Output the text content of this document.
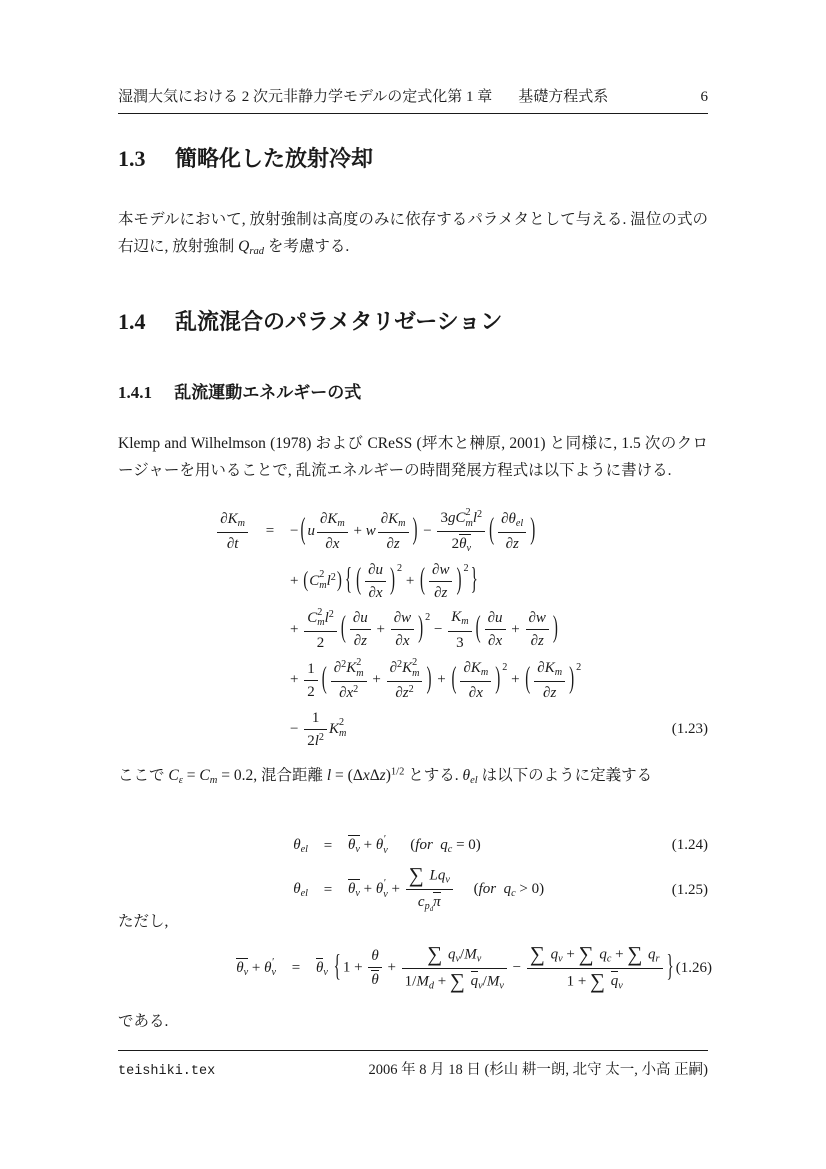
湿潤大気における 2 次元非静力学モデルの定式化 第 1 章 基礎方程式系	6
1.3 簡略化した放射冷却
本モデルにおいて, 放射強制は高度のみに依存するパラメタとして与える. 温位の式の右辺に, 放射強制 $Q_{rad}$ を考慮する.
1.4 乱流混合のパラメタリゼーション
1.4.1 乱流運動エネルギーの式
Klemp and Wilhelmson (1978) および CReSS (坪木と榊原, 2001) と同様に, 1.5 次のクロージャーを用いることで, 乱流エネルギーの時間発展方程式は以下ように書ける.
$\frac{\partial K_m}{\partial t}$	=	− ( u $\frac{\partial K_m}{\partial x} + w \frac{\partial K_m}{\partial z}$ ) − 3gC 2
m $l^2$
$2\theta_v$ ( $\partial\theta_{el}$
∂z )
+ (C 2
m $l^2$) { ( $\frac{\partial u}{\partial x}$ ) $^2$ + ( $\frac{\partial w}{\partial z}$ ) $^2$ }
+ C 2
m $l^2$
2 ( $\frac{\partial u}{\partial z} + \frac{\partial w}{\partial x}$ ) $^2 - \frac{K_m}{3}$ ( $\frac{\partial u}{\partial x} + \frac{\partial w}{\partial z}$ )
+ $\frac{1}{2}$ ( ∂$^2$K 2
m
$\partial x^2 + \partial^2K$ 2
m
$\partial z^2$ ) + ( $\frac{\partial K_m}{\partial x}$ ) $^2$ + ( $\frac{\partial K_m}{\partial z}$ ) $^2$
− $\frac{1}{2l^2}$ K 2
m	(1.23)
ここで $C_\varepsilon = C_m = 0.2$, 混合距離 $l = (\Delta x\Delta z)^{1/2}$ とする. $\theta_{el}$ は以下のように定義する
$\theta_{el}$	=	$\theta_v + \theta$ ′
v (for  $q_c = 0$)	(1.24)
$\theta_{el}$	=	$\theta_v + \theta$ ′
v +
∑ $Lq_v$
$c_{p_d}\pi$
(for  $q_c > 0$)	(1.25)
ただし,
$\theta_v + \theta$ ′
v	=	$\theta_v$ { $1 + \frac{\theta}{\theta} + \frac{\sum q_v/M_v}{1/M_d + \sum q_v/M_v} - \frac{\sum q_v + \sum q_c + \sum q_r}{1 + \sum q_v}$ } (1.26)
である.
teishiki.tex	2006 年 8 月 18 日 (杉山 耕一朗, 北守 太一, 小高 正嗣)
